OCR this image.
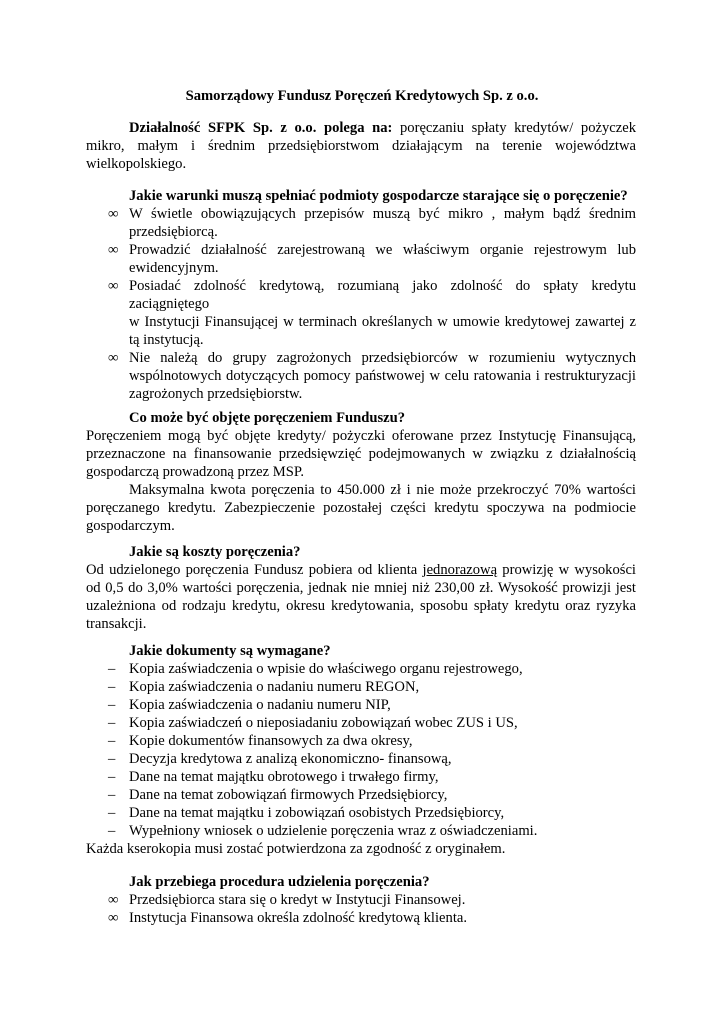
Samorządowy Fundusz Poręczeń Kredytowych Sp. z o.o.

Działalność SFPK Sp. z o.o. polega na: poręczaniu spłaty kredytów/ pożyczek mikro, małym i średnim przedsiębiorstwom działającym na terenie województwa wielkopolskiego.

Jakie warunki muszą spełniać podmioty gospodarcze starające się o poręczenie?

∞ W świetle obowiązujących przepisów muszą być mikro , małym bądź średnim przedsiębiorcą.
∞ Prowadzić działalność zarejestrowaną we właściwym organie rejestrowym lub ewidencyjnym.
∞ Posiadać zdolność kredytową, rozumianą jako zdolność do spłaty kredytu zaciągniętego
w Instytucji Finansującej w terminach określanych w umowie kredytowej zawartej z tą instytucją.
∞ Nie należą do grupy zagrożonych przedsiębiorców w rozumieniu wytycznych wspólnotowych dotyczących pomocy państwowej w celu ratowania i restrukturyzacji zagrożonych przedsiębiorstw.

Co może być objęte poręczeniem Funduszu?

Poręczeniem mogą być objęte kredyty/ pożyczki oferowane przez Instytucję Finansującą, przeznaczone na finansowanie przedsięwzięć podejmowanych w związku z działalnością gospodarczą prowadzoną przez MSP.

Maksymalna kwota poręczenia to 450.000 zł i nie może przekroczyć 70% wartości poręczanego kredytu. Zabezpieczenie pozostałej części kredytu spoczywa na podmiocie gospodarczym.

Jakie są koszty poręczenia?

Od udzielonego poręczenia Fundusz pobiera od klienta jednorazową prowizję w wysokości od 0,5 do 3,0% wartości poręczenia, jednak nie mniej niż 230,00 zł. Wysokość prowizji jest uzależniona od rodzaju kredytu, okresu kredytowania, sposobu spłaty kredytu oraz ryzyka transakcji.

Jakie dokumenty są wymagane?

– Kopia zaświadczenia o wpisie do właściwego organu rejestrowego,
– Kopia zaświadczenia o nadaniu numeru REGON,
– Kopia zaświadczenia o nadaniu numeru NIP,
– Kopia zaświadczeń o nieposiadaniu zobowiązań wobec ZUS i US,
– Kopie dokumentów finansowych za dwa okresy,
– Decyzja kredytowa z analizą ekonomiczno- finansową,
– Dane na temat majątku obrotowego i trwałego firmy,
– Dane na temat zobowiązań firmowych Przedsiębiorcy,
– Dane na temat majątku i zobowiązań osobistych Przedsiębiorcy,
– Wypełniony wniosek o udzielenie poręczenia wraz z oświadczeniami.

Każda kserokopia musi zostać potwierdzona za zgodność z oryginałem.

Jak przebiega procedura udzielenia poręczenia?

∞ Przedsiębiorca stara się o kredyt w Instytucji Finansowej.
∞ Instytucja Finansowa określa zdolność kredytową klienta.
